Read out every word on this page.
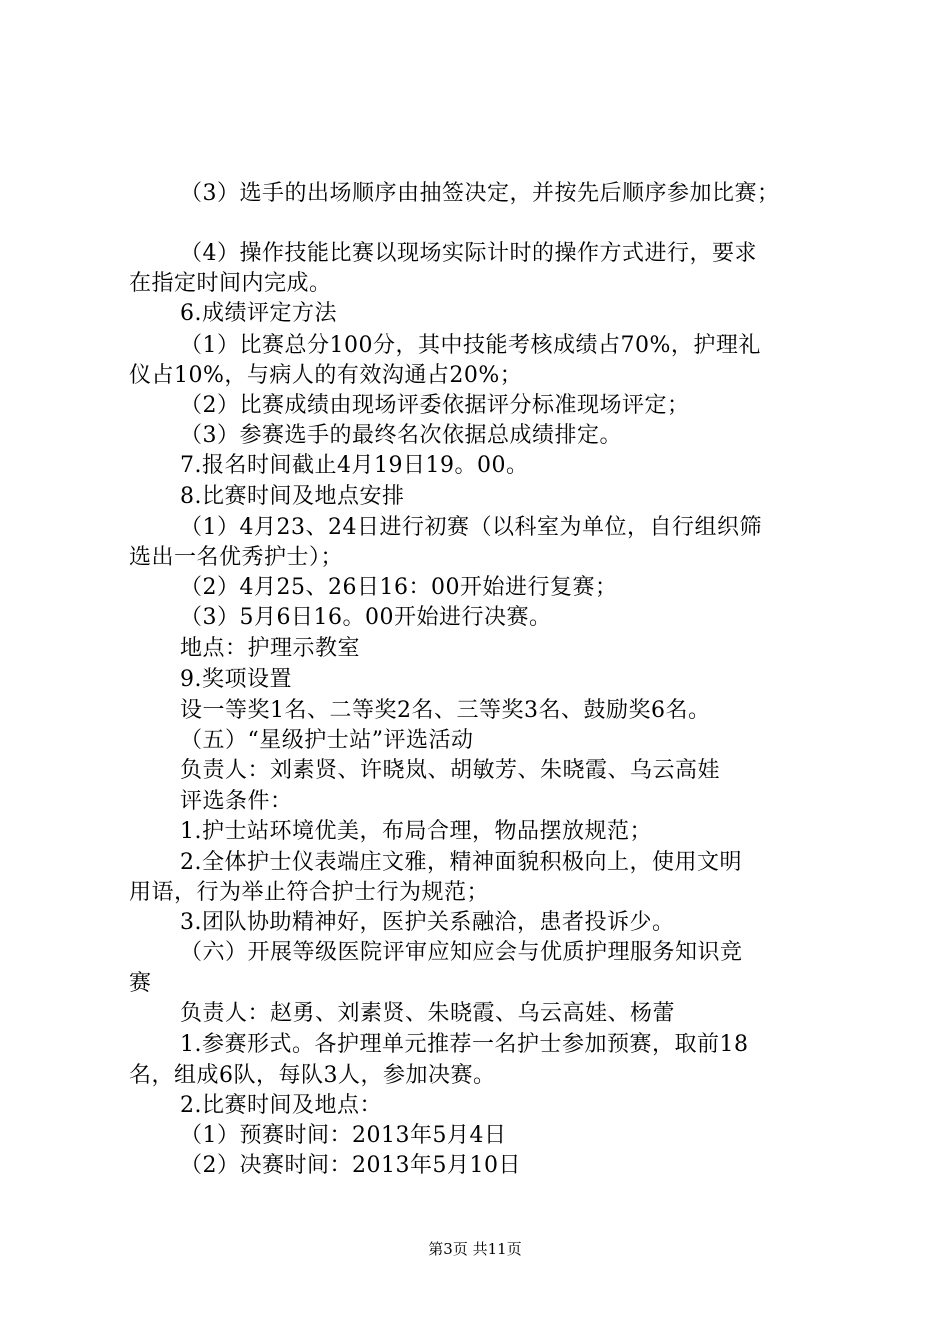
（3）选手的出场顺序由抽签决定，并按先后顺序参加比赛；
（4）操作技能比赛以现场实际计时的操作方式进行，要求
在指定时间内完成。
6.成绩评定方法
（1）比赛总分100分，其中技能考核成绩占70%，护理礼
仪占10%，与病人的有效沟通占20%；
（2）比赛成绩由现场评委依据评分标准现场评定；
（3）参赛选手的最终名次依据总成绩排定。
7.报名时间截止4月19日19。00。
8.比赛时间及地点安排
（1）4月23、24日进行初赛（以科室为单位，自行组织筛
选出一名优秀护士）；
（2）4月25、26日16：00开始进行复赛；
（3）5月6日16。00开始进行决赛。
地点：护理示教室
9.奖项设置
设一等奖1名、二等奖2名、三等奖3名、鼓励奖6名。
（五）“星级护士站”评选活动
负责人：刘素贤、许晓岚、胡敏芳、朱晓霞、乌云高娃
评选条件：
1.护士站环境优美，布局合理，物品摆放规范；
2.全体护士仪表端庄文雅，精神面貌积极向上，使用文明
用语，行为举止符合护士行为规范；
3.团队协助精神好，医护关系融洽，患者投诉少。
（六）开展等级医院评审应知应会与优质护理服务知识竞
赛
负责人：赵勇、刘素贤、朱晓霞、乌云高娃、杨蕾
1.参赛形式。各护理单元推荐一名护士参加预赛，取前18
名，组成6队，每队3人，参加决赛。
2.比赛时间及地点：
（1）预赛时间：2013年5月4日
（2）决赛时间：2013年5月10日
第3页 共11页
